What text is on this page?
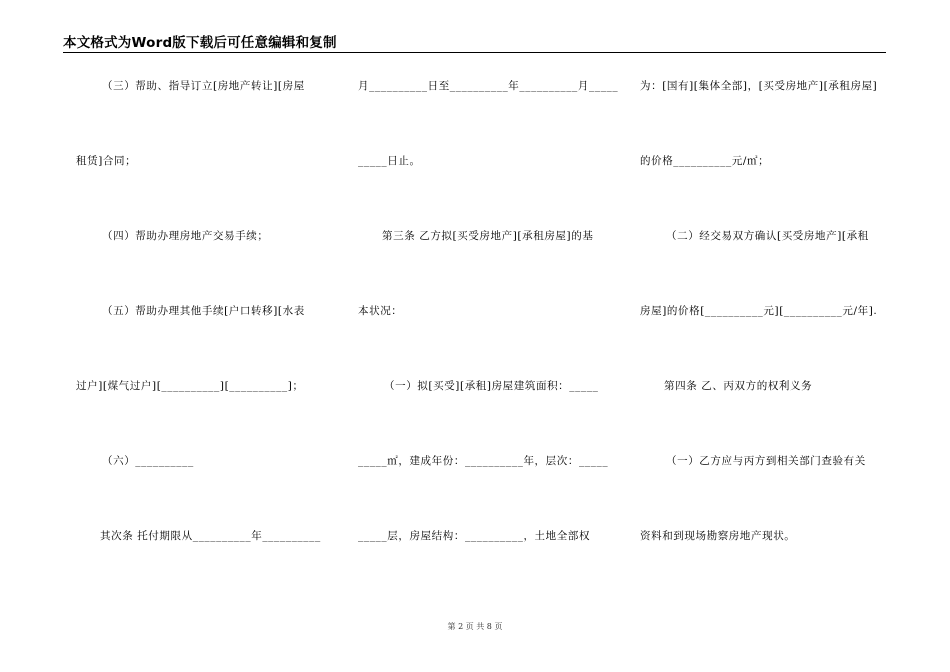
本文格式为Word版下载后可任意编辑和复制
（三）帮助、指导订立[房地产转让][房屋
租赁]合同；
（四）帮助办理房地产交易手续；
（五）帮助办理其他手续[户口转移][水表
过户][煤气过户][__________][__________]；
（六）__________
其次条 托付期限从__________年__________
月__________日至__________年__________月_____
_____日止。
第三条 乙方拟[买受房地产][承租房屋]的基
本状况：
（一）拟[买受][承租]房屋建筑面积：_____
_____㎡，建成年份：__________年，层次：_____
_____层，房屋结构：__________，土地全部权
为：[国有][集体全部]，[买受房地产][承租房屋]
的价格__________元/㎡；
（二）经交易双方确认[买受房地产][承租
房屋]的价格[__________元][__________元/年].
第四条 乙、丙双方的权利义务
（一）乙方应与丙方到相关部门查验有关
资料和到现场勘察房地产现状。
第 2 页 共 8 页
